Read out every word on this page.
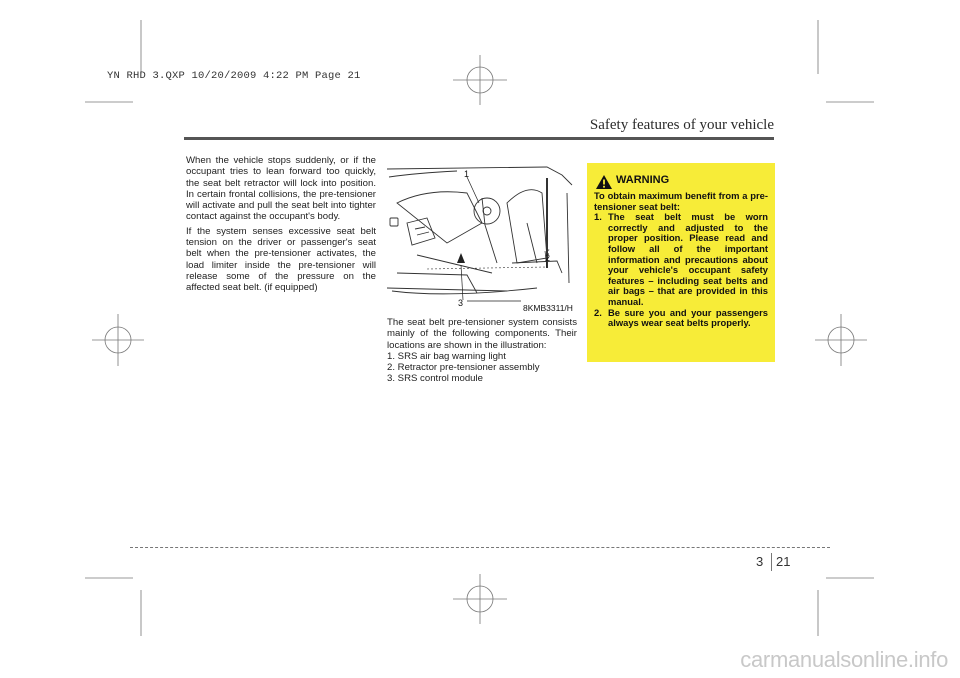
YN RHD 3.QXP 10/20/2009 4:22 PM Page 21
Safety features of your vehicle

When the vehicle stops suddenly, or if the occupant tries to lean forward too quickly, the seat belt retractor will lock into position. In certain frontal collisions, the pre-tensioner will activate and pull the seat belt into tighter contact against the occupant's body.

If the system senses excessive seat belt tension on the driver or passenger's seat belt when the pre-tensioner activates, the load limiter inside the pre-tensioner will release some of the pressure on the affected seat belt. (if equipped)

1
2
3	8KMB3311/H

The seat belt pre-tensioner system consists mainly of the following components. Their locations are shown in the illustration:

1. SRS air bag warning light
2. Retractor pre-tensioner assembly
3. SRS control module
WARNING
To obtain maximum benefit from a pre-tensioner seat belt:
1. The seat belt must be worn correctly and adjusted to the proper position. Please read and follow all of the important information and precautions about your vehicle's occupant safety features – including seat belts and air bags – that are provided in this manual.
2. Be sure you and your passengers always wear seat belts properly.
3 21
carmanualsonline.info
